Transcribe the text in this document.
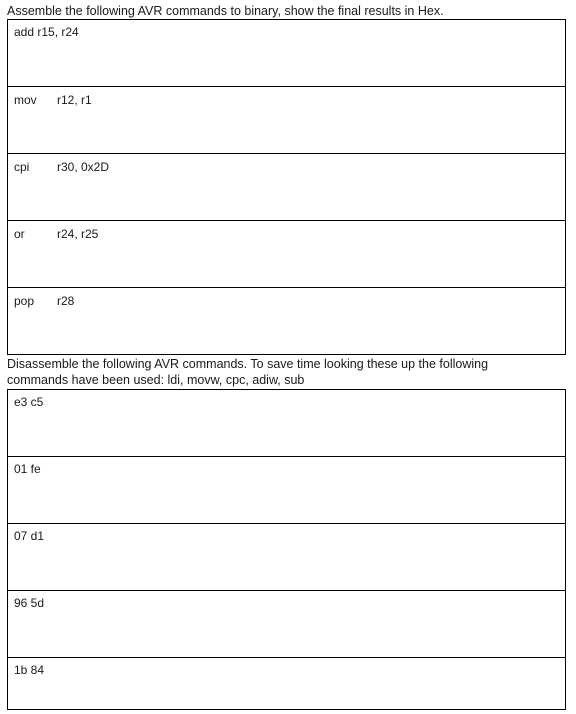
Assemble the following AVR commands to binary, show the final results in Hex.
add r15, r24
mov r12, r1
cpi r30, 0x2D
or	r24, r25
pop r28
Disassemble the following AVR commands. To save time looking these up the following
commands have been used: ldi, movw, cpc, adiw, sub
e3 c5
01 fe
07 d1
96 5d
1b 84
